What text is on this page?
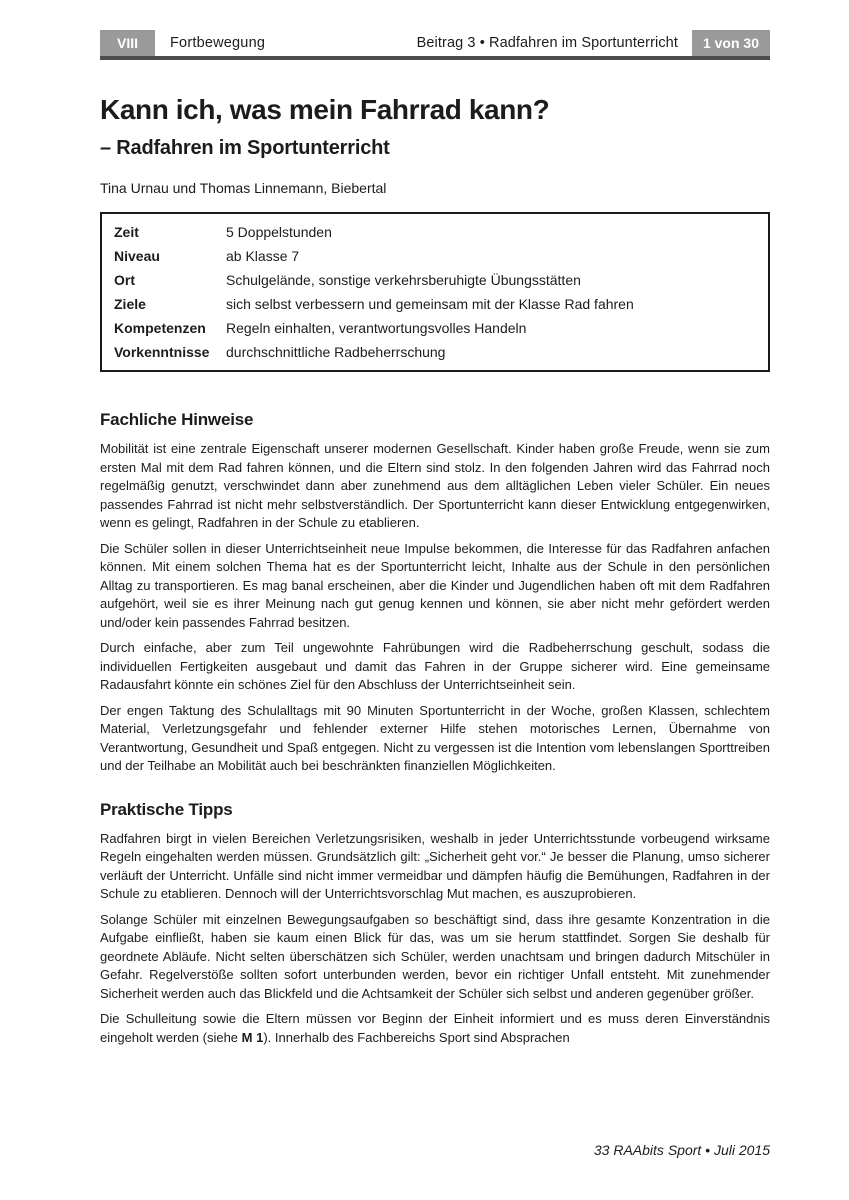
VIII	Fortbewegung	Beitrag 3 • Radfahren im Sportunterricht	1 von 30
Kann ich, was mein Fahrrad kann?
– Radfahren im Sportunterricht

Tina Urnau und Thomas Linnemann, Biebertal

Zeit	5 Doppelstunden
Niveau	ab Klasse 7
Ort	Schulgelände, sonstige verkehrsberuhigte Übungsstätten
Ziele	sich selbst verbessern und gemeinsam mit der Klasse Rad fahren
Kompetenzen	Regeln einhalten, verantwortungsvolles Handeln
Vorkenntnisse	durchschnittliche Radbeherrschung
Fachliche Hinweise

Mobilität ist eine zentrale Eigenschaft unserer modernen Gesellschaft. Kinder haben große Freude, wenn sie zum ersten Mal mit dem Rad fahren können, und die Eltern sind stolz. In den folgenden Jahren wird das Fahrrad noch regelmäßig genutzt, verschwindet dann aber zunehmend aus dem alltäglichen Leben vieler Schüler. Ein neues passendes Fahrrad ist nicht mehr selbstverständlich. Der Sportunterricht kann dieser Entwicklung entgegenwirken, wenn es gelingt, Radfahren in der Schule zu etablieren.

Die Schüler sollen in dieser Unterrichtseinheit neue Impulse bekommen, die Interesse für das Radfahren anfachen können. Mit einem solchen Thema hat es der Sportunterricht leicht, Inhalte aus der Schule in den persönlichen Alltag zu transportieren. Es mag banal erscheinen, aber die Kinder und Jugendlichen haben oft mit dem Radfahren aufgehört, weil sie es ihrer Meinung nach gut genug kennen und können, sie aber nicht mehr gefördert werden und/oder kein passendes Fahrrad besitzen.

Durch einfache, aber zum Teil ungewohnte Fahrübungen wird die Radbeherrschung geschult, sodass die individuellen Fertigkeiten ausgebaut und damit das Fahren in der Gruppe sicherer wird. Eine gemeinsame Radausfahrt könnte ein schönes Ziel für den Abschluss der Unterrichtseinheit sein.

Der engen Taktung des Schulalltags mit 90 Minuten Sportunterricht in der Woche, großen Klassen, schlechtem Material, Verletzungsgefahr und fehlender externer Hilfe stehen motorisches Lernen, Übernahme von Verantwortung, Gesundheit und Spaß entgegen. Nicht zu vergessen ist die Intention vom lebenslangen Sporttreiben und der Teilhabe an Mobilität auch bei beschränkten finanziellen Möglichkeiten.

Praktische Tipps

Radfahren birgt in vielen Bereichen Verletzungsrisiken, weshalb in jeder Unterrichtsstunde vorbeugend wirksame Regeln eingehalten werden müssen. Grundsätzlich gilt: „Sicherheit geht vor.“ Je besser die Planung, umso sicherer verläuft der Unterricht. Unfälle sind nicht immer vermeidbar und dämpfen häufig die Bemühungen, Radfahren in der Schule zu etablieren. Dennoch will der Unterrichtsvorschlag Mut machen, es auszuprobieren.

Solange Schüler mit einzelnen Bewegungsaufgaben so beschäftigt sind, dass ihre gesamte Konzentration in die Aufgabe einfließt, haben sie kaum einen Blick für das, was um sie herum stattfindet. Sorgen Sie deshalb für geordnete Abläufe. Nicht selten überschätzen sich Schüler, werden unachtsam und bringen dadurch Mitschüler in Gefahr. Regelverstöße sollten sofort unterbunden werden, bevor ein richtiger Unfall entsteht. Mit zunehmender Sicherheit werden auch das Blickfeld und die Achtsamkeit der Schüler sich selbst und anderen gegenüber größer.

Die Schulleitung sowie die Eltern müssen vor Beginn der Einheit informiert und es muss deren Einverständnis eingeholt werden (siehe M 1). Innerhalb des Fachbereichs Sport sind Absprachen

33 RAAbits Sport • Juli 2015
